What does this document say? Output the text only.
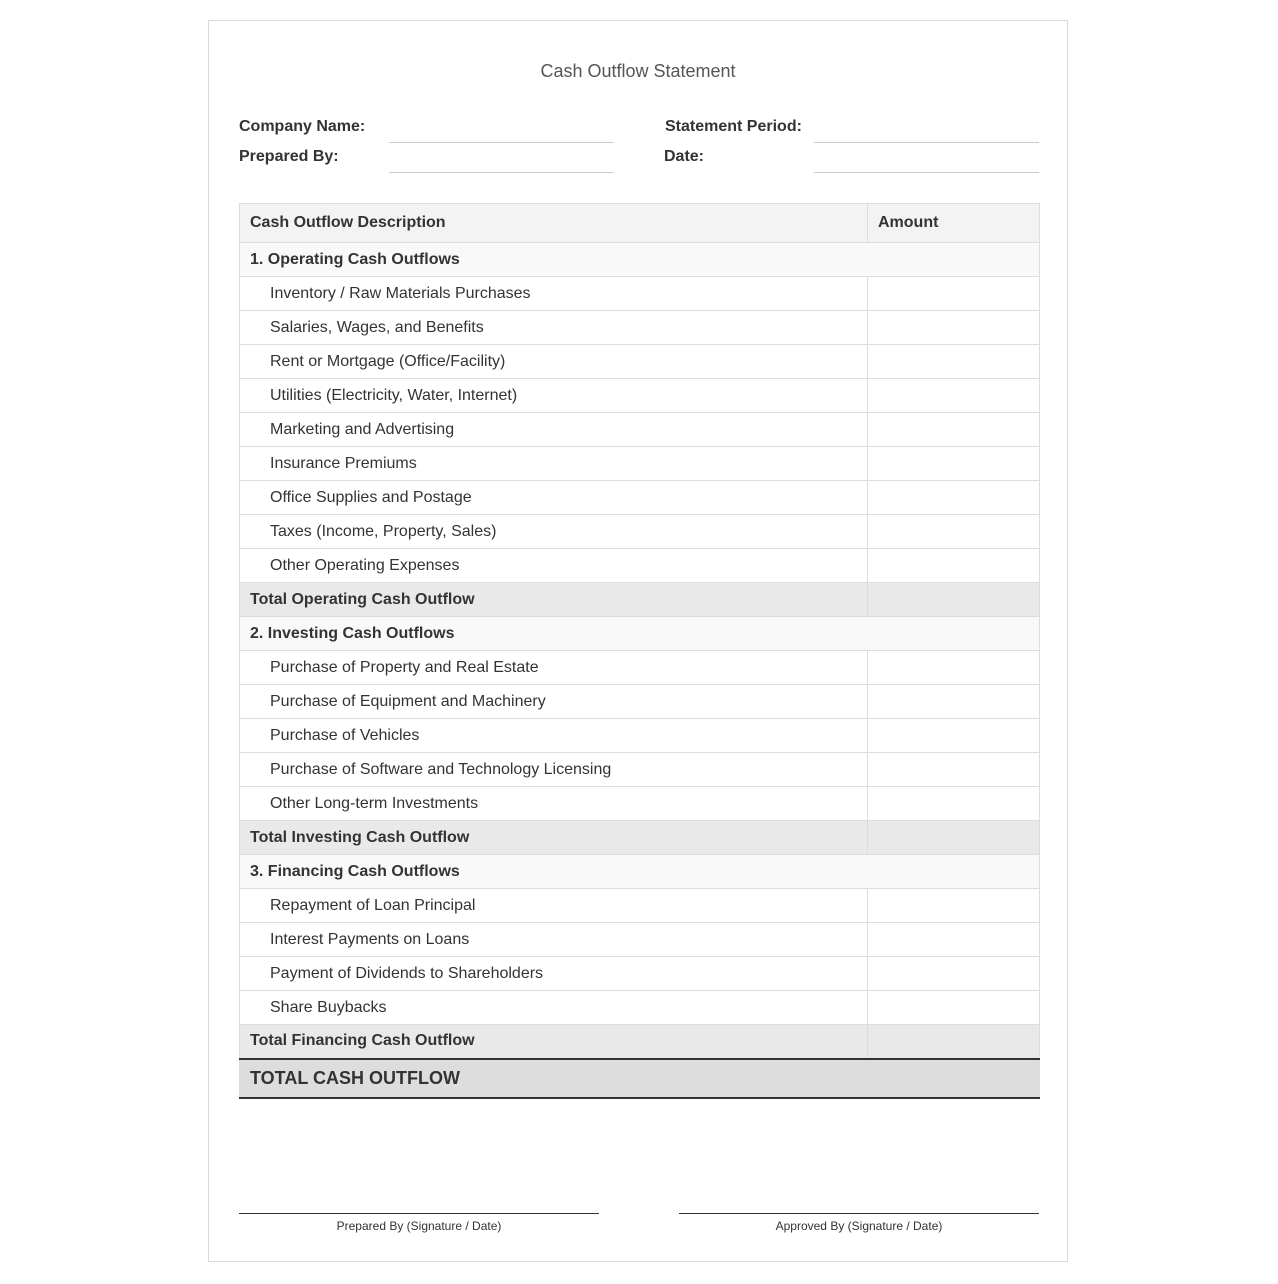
Cash Outflow Statement
Company Name:	Statement Period:
Prepared By:	Date:
Cash Outflow Description	Amount
1. Operating Cash Outflows	
Inventory / Raw Materials Purchases	
Salaries, Wages, and Benefits	
Rent or Mortgage (Office/Facility)	
Utilities (Electricity, Water, Internet)	
Marketing and Advertising	
Insurance Premiums	
Office Supplies and Postage	
Taxes (Income, Property, Sales)	
Other Operating Expenses	
Total Operating Cash Outflow	
2. Investing Cash Outflows	
Purchase of Property and Real Estate	
Purchase of Equipment and Machinery	
Purchase of Vehicles	
Purchase of Software and Technology Licensing	
Other Long-term Investments	
Total Investing Cash Outflow	
3. Financing Cash Outflows	
Repayment of Loan Principal	
Interest Payments on Loans	
Payment of Dividends to Shareholders	
Share Buybacks	
Total Financing Cash Outflow	
TOTAL CASH OUTFLOW	
Prepared By (Signature / Date)	Approved By (Signature / Date)
